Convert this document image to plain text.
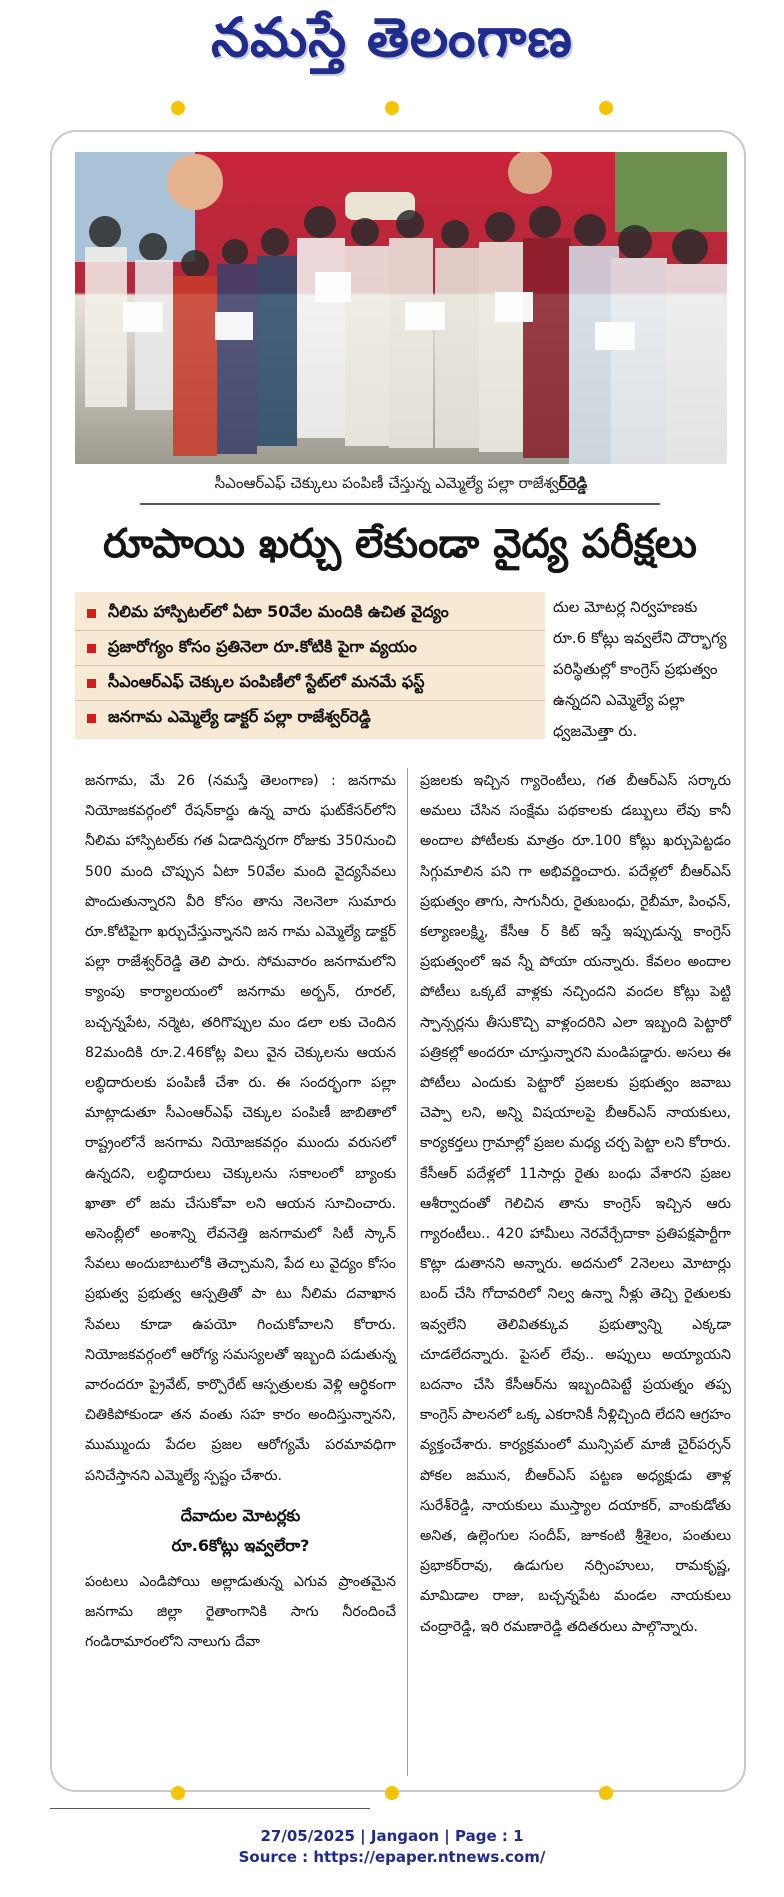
నమస్తే తెలంగాణ
సీఎంఆర్ఎఫ్ చెక్కులు పంపిణీ చేస్తున్న ఎమ్మెల్యే పల్లా రాజేశ్వర్‌రెడ్డి
రూపాయి ఖర్చు లేకుండా వైద్య పరీక్షలు
నీలిమ హాస్పిటల్‌లో ఏటా 50వేల మందికి ఉచిత వైద్యం
ప్రజారోగ్యం కోసం ప్రతినెలా రూ.కోటికి పైగా వ్యయం
సీఎంఆర్ఎఫ్ చెక్కుల పంపిణీలో స్టేట్‌లో మనమే ఫస్ట్
జనగామ ఎమ్మెల్యే డాక్టర్ పల్లా రాజేశ్వర్‌రెడ్డి
దుల మోటర్ల నిర్వహణకు రూ.6 కోట్లు ఇవ్వలేని దౌర్భాగ్య పరిస్థితుల్లో కాంగ్రెస్ ప్రభుత్వం ఉన్నదని ఎమ్మెల్యే పల్లా ధ్వజమెత్తా రు.

జనగామ, మే 26 (నమస్తే తెలంగాణ) : జనగామ నియోజకవర్గంలో రేషన్‌కార్డు ఉన్న వారు ఘట్‌కేసర్‌లోని నీలిమ హాస్పిటల్‌కు గత ఏడాదిన్నరగా రోజుకు 350నుంచి 500 మంది చొప్పున ఏటా 50వేల మంది వైద్యసేవలు పొందుతున్నారని వీరి కోసం తాను నెలనెలా సుమారు రూ.కోటిపైగా ఖర్చుచేస్తున్నానని జన గామ ఎమ్మెల్యే డాక్టర్ పల్లా రాజేశ్వర్‌రెడ్డి తెలి పారు. సోమవారం జనగామలోని క్యాంపు కార్యాలయంలో జనగామ అర్బన్, రూరల్, బచ్చన్నపేట, నర్మెట, తరిగొప్పుల మం డలా లకు చెందిన 82మందికి రూ.2.46కోట్ల విలు వైన చెక్కులను ఆయన లబ్ధిదారులకు పంపిణీ చేశా రు. ఈ సందర్భంగా పల్లా మాట్లాడుతూ సీఎంఆర్ఎఫ్ చెక్కుల పంపిణీ జాబితాలో రాష్ట్రంలోనే జనగామ నియోజకవర్గం ముందు వరుసలో ఉన్నదని, లబ్ధిదారులు చెక్కులను సకాలంలో బ్యాంకు ఖాతా లో జమ చేసుకోవా లని ఆయన సూచించారు. అసెంబ్లీలో అంశాన్ని లేవనెత్తి జనగామలో సిటీ స్కాన్ సేవలు అందుబాటులోకి తెచ్చామని, పేద లు వైద్యం కోసం ప్రభుత్వ ప్రభుత్వ ఆస్పత్రితో పా టు నీలిమ దవాఖాన సేవలు కూడా ఉపయో గించుకోవాలని కోరారు. నియోజకవర్గంలో ఆరోగ్య సమస్యలతో ఇబ్బంది పడుతున్న వారందరూ ప్రైవేట్, కార్పొరేట్ ఆస్పత్రులకు వెళ్లి ఆర్థికంగా చితికిపోకుండా తన వంతు సహ కారం అందిస్తున్నానని, ముమ్ముందు పేదల ప్రజల ఆరోగ్యమే పరమావధిగా పనిచేస్తానని ఎమ్మెల్యే స్పష్టం చేశారు.

దేవాదుల మోటర్లకు
రూ.6కోట్లు ఇవ్వలేరా?

పంటలు ఎండిపోయి అల్లాడుతున్న ఎగువ ప్రాంతమైన జనగామ జిల్లా రైతాంగానికి సాగు నీరందించే గండిరామారంలోని నాలుగు దేవా

ప్రజలకు ఇచ్చిన గ్యారెంటీలు, గత బీఆర్ఎస్ సర్కారు అమలు చేసిన సంక్షేమ పథకాలకు డబ్బులు లేవు కానీ అందాల పోటీలకు మాత్రం రూ.100 కోట్లు ఖర్చుపెట్టడం సిగ్గుమాలిన పని గా అభివర్ణించారు. పదేళ్లలో బీఆర్ఎస్ ప్రభుత్వం తాగు, సాగునీరు, రైతుబంధు, రైబీమా, పింఛన్, కల్యాణలక్ష్మి, కేసీఆ ర్ కిట్ ఇస్తే ఇప్పుడున్న కాంగ్రెస్ ప్రభుత్వంలో ఇవ న్నీ పోయా యన్నారు. కేవలం అందాల పోటీలు ఒక్కటే వాళ్లకు నచ్చిందని వందల కోట్లు పెట్టి స్పాన్సర్లను తీసుకొచ్చి వాళ్లందరిని ఎలా ఇబ్బంది పెట్టారో పత్రికల్లో అందరూ చూస్తున్నారని మండిపడ్డారు. అసలు ఈ పోటీలు ఎందుకు పెట్టారో ప్రజలకు ప్రభుత్వం జవాబు చెప్పా లని, అన్ని విషయాలపై బీఆర్ఎస్ నాయకులు, కార్యకర్తలు గ్రామాల్లో ప్రజల మధ్య చర్చ పెట్టా లని కోరారు. కేసీఆర్ పదేళ్లలో 11సార్లు రైతు బంధు వేశారని ప్రజల ఆశీర్వాదంతో గెలిచిన తాను కాంగ్రెస్ ఇచ్చిన ఆరు గ్యారంటీలు.. 420 హామీలు నెరవేర్చేదాకా ప్రతిపక్షపార్టీగా కొట్లా డుతానని అన్నారు. అదనులో 2నెలలు మోటార్లు బంద్ చేసి గోదావరిలో నిల్వ ఉన్నా నీళ్లు తెచ్చి రైతులకు ఇవ్వలేని తెలివితక్కువ ప్రభుత్వాన్ని ఎక్కడా చూడలేదన్నారు. పైసల్ లేవు.. అప్పులు అయ్యాయని బదనాం చేసి కేసీఆర్‌ను ఇబ్బందిపెట్టే ప్రయత్నం తప్ప కాంగ్రెస్ పాలనలో ఒక్క ఎకరానికీ నీళ్లిచ్చింది లేదని ఆగ్రహం వ్యక్తంచేశారు. కార్యక్రమంలో మున్సిపల్ మాజీ చైర్‌పర్సన్ పోకల జమున, బీఆర్ఎస్ పట్టణ అధ్యక్షుడు తాళ్ల సురేశ్‌రెడ్డి, నాయకులు ముస్త్యాల దయాకర్, వాంకుడోతు అనిత, ఉల్లెంగుల సందీప్, జూకంటి శ్రీశైలం, పంతులు ప్రభాకర్‌రావు, ఉడుగుల నర్సింహులు, రామకృష్ణ, మామిడాల రాజు, బచ్చన్నపేట మండల నాయకులు చంద్రారెడ్డి, ఇరి రమణారెడ్డి తదితరులు పాల్గొన్నారు.

27/05/2025 | Jangaon | Page : 1
Source : https://epaper.ntnews.com/
